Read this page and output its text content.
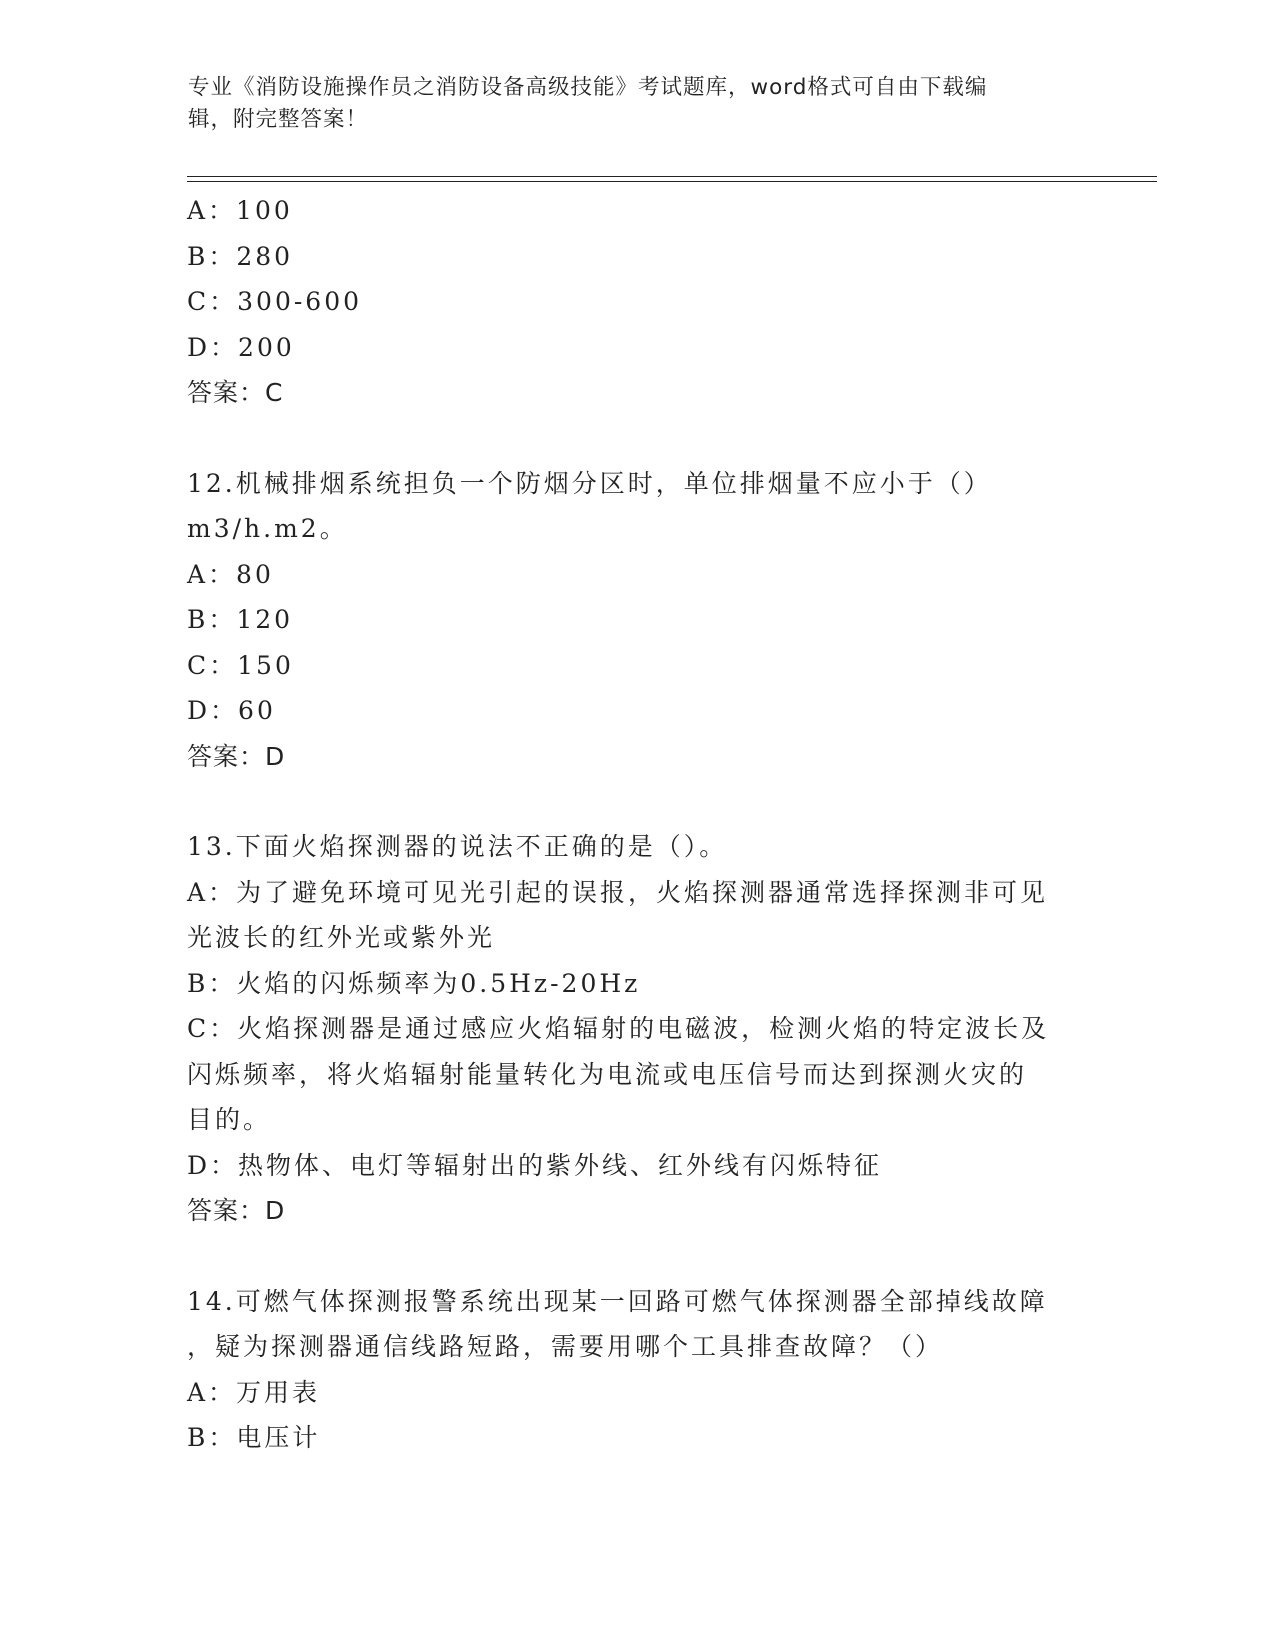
专业《消防设施操作员之消防设备高级技能》考试题库，word格式可自由下载编
辑，附完整答案！
A：100
B：280
C：300-600
D：200
答案：C
12.机械排烟系统担负一个防烟分区时，单位排烟量不应小于（）
m3/h.m2。
A：80
B：120
C：150
D：60
答案：D
13.下面火焰探测器的说法不正确的是（）。
A：为了避免环境可见光引起的误报，火焰探测器通常选择探测非可见
光波长的红外光或紫外光
B：火焰的闪烁频率为0.5Hz-20Hz
C：火焰探测器是通过感应火焰辐射的电磁波，检测火焰的特定波长及
闪烁频率，将火焰辐射能量转化为电流或电压信号而达到探测火灾的
目的。
D：热物体、电灯等辐射出的紫外线、红外线有闪烁特征
答案：D
14.可燃气体探测报警系统出现某一回路可燃气体探测器全部掉线故障
，疑为探测器通信线路短路，需要用哪个工具排查故障？（）
A：万用表
B：电压计
